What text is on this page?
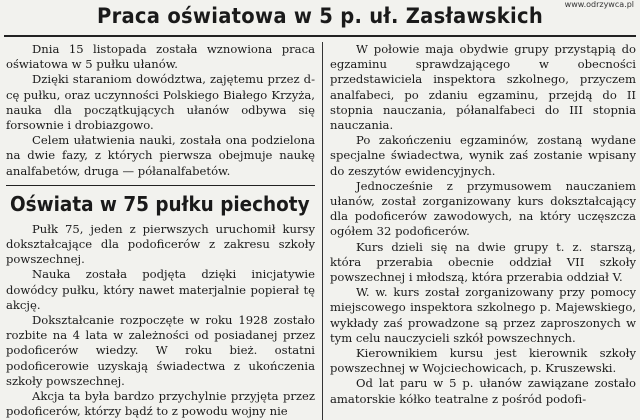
www.odrzywca.pl
Praca oświatowa w 5 p. uł. Zasławskich

Dnia 15 listopada została wznowiona praca oświatowa w 5 pułku ułanów.

Dzięki staraniom dowództwa, zajętemu przez d-cę pułku, oraz uczynności Polskiego Białego Krzyża, nauka dla początkujących ułanów odbywa się forsownie i drobiazgowo.

Celem ułatwienia nauki, została ona podzielona na dwie fazy, z których pierwsza obejmuje naukę analfabetów, druga — półanalfabetów.

Oświata w 75 pułku piechoty

Pułk 75, jeden z pierwszych uruchomił kursy dokształcające dla podoficerów z zakresu szkoły powszechnej.

Nauka została podjęta dzięki inicjatywie dowódcy pułku, który nawet materjalnie popierał tę akcję.

Dokształcanie rozpoczęte w roku 1928 zostało rozbite na 4 lata w zależności od posiadanej przez podoficerów wiedzy. W roku bież. ostatni podoficerowie uzyskają świadectwa z ukończenia szkoły powszechnej.

Akcja ta była bardzo przychylnie przyjęta przez podoficerów, którzy bądź to z powodu wojny nie

W połowie maja obydwie grupy przystąpią do egzaminu sprawdzającego w obecności przedstawiciela inspektora szkolnego, przyczem analfabeci, po zdaniu egzaminu, przejdą do II stopnia nauczania, półanalfabeci do III stopnia nauczania.

Po zakończeniu egzaminów, zostaną wydane specjalne świadectwa, wynik zaś zostanie wpisany do zeszytów ewidencyjnych.

Jednocześnie z przymusowem nauczaniem ułanów, został zorganizowany kurs dokształcający dla podoficerów zawodowych, na który uczęszcza ogółem 32 podoficerów.

Kurs dzieli się na dwie grupy t. z. starszą, która przerabia obecnie oddział VII szkoły powszechnej i młodszą, która przerabia oddział V.

W. w. kurs został zorganizowany przy pomocy miejscowego inspektora szkolnego p. Majewskiego, wykłady zaś prowadzone są przez zaproszonych w tym celu nauczycieli szkół powszechnych.

Kierownikiem kursu jest kierownik szkoły powszechnej w Wojciechowicach, p. Kruszewski.

Od lat paru w 5 p. ułanów zawiązane zostało amatorskie kółko teatralne z pośród podofi-
